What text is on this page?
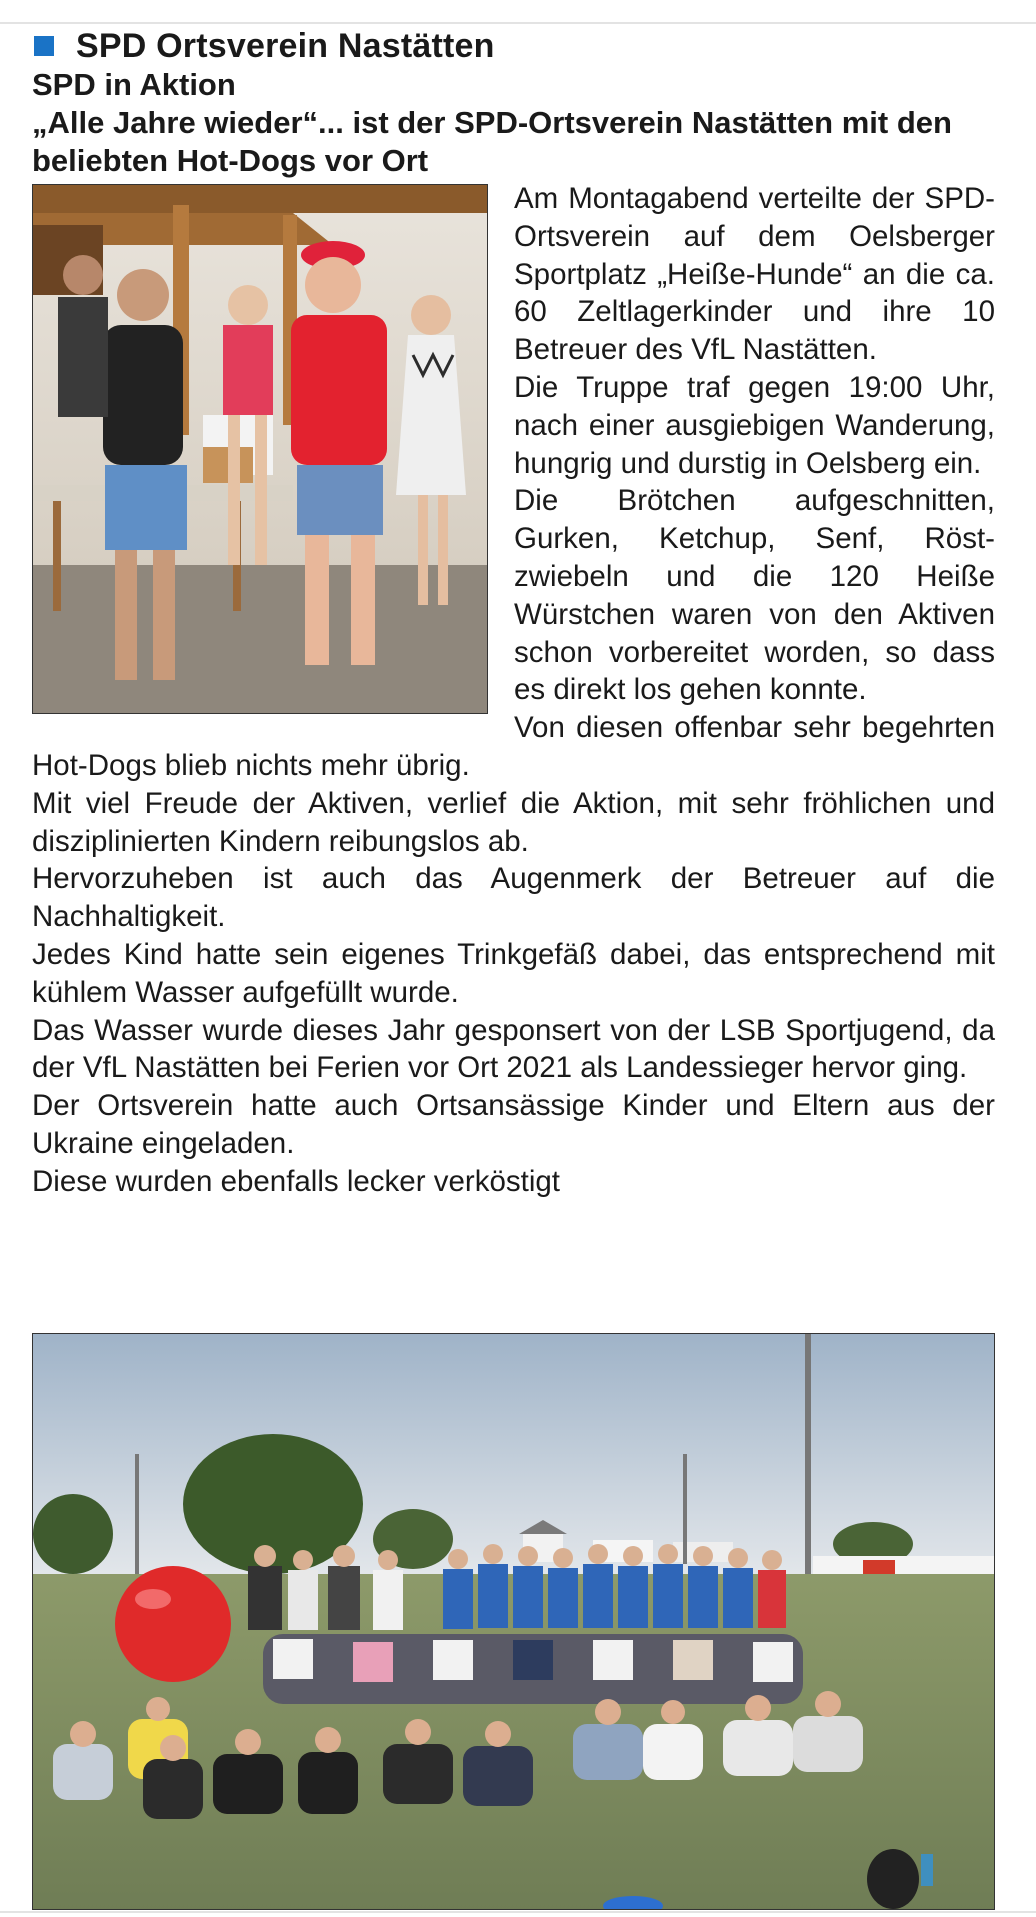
SPD Ortsverein Nastätten
SPD in Aktion
„Alle Jahre wieder“... ist der SPD-Ortsverein Nastätten mit den beliebten Hot-Dogs vor Ort

Am Montagabend verteilte der SPD-Ortsverein auf dem Oelsberger Sportplatz „Heiße-Hunde“ an die ca. 60 Zeltlagerkinder und ihre 10 Betreuer des VfL Nastätten.

Die Truppe traf gegen 19:00 Uhr, nach einer ausgiebigen Wanderung, hungrig und durstig in Oelsberg ein.

Die Brötchen aufgeschnitten, Gurken, Ketchup, Senf, Röstzwiebeln und die 120 Heiße Würstchen waren von den Aktiven schon vorbereitet worden, so dass es direkt los gehen konnte.

Von diesen offenbar sehr begehrten Hot-Dogs blieb nichts mehr übrig.

Mit viel Freude der Aktiven, verlief die Aktion, mit sehr fröhlichen und disziplinierten Kindern reibungslos ab.

Hervorzuheben ist auch das Augenmerk der Betreuer auf die Nachhaltigkeit.

Jedes Kind hatte sein eigenes Trinkgefäß dabei, das entsprechend mit kühlem Wasser aufgefüllt wurde.

Das Wasser wurde dieses Jahr gesponsert von der LSB Sportjugend, da der VfL Nastätten bei Ferien vor Ort 2021 als Landessieger hervor ging.

Der Ortsverein hatte auch Ortsansässige Kinder und Eltern aus der Ukraine eingeladen.

Diese wurden ebenfalls lecker verköstigt
